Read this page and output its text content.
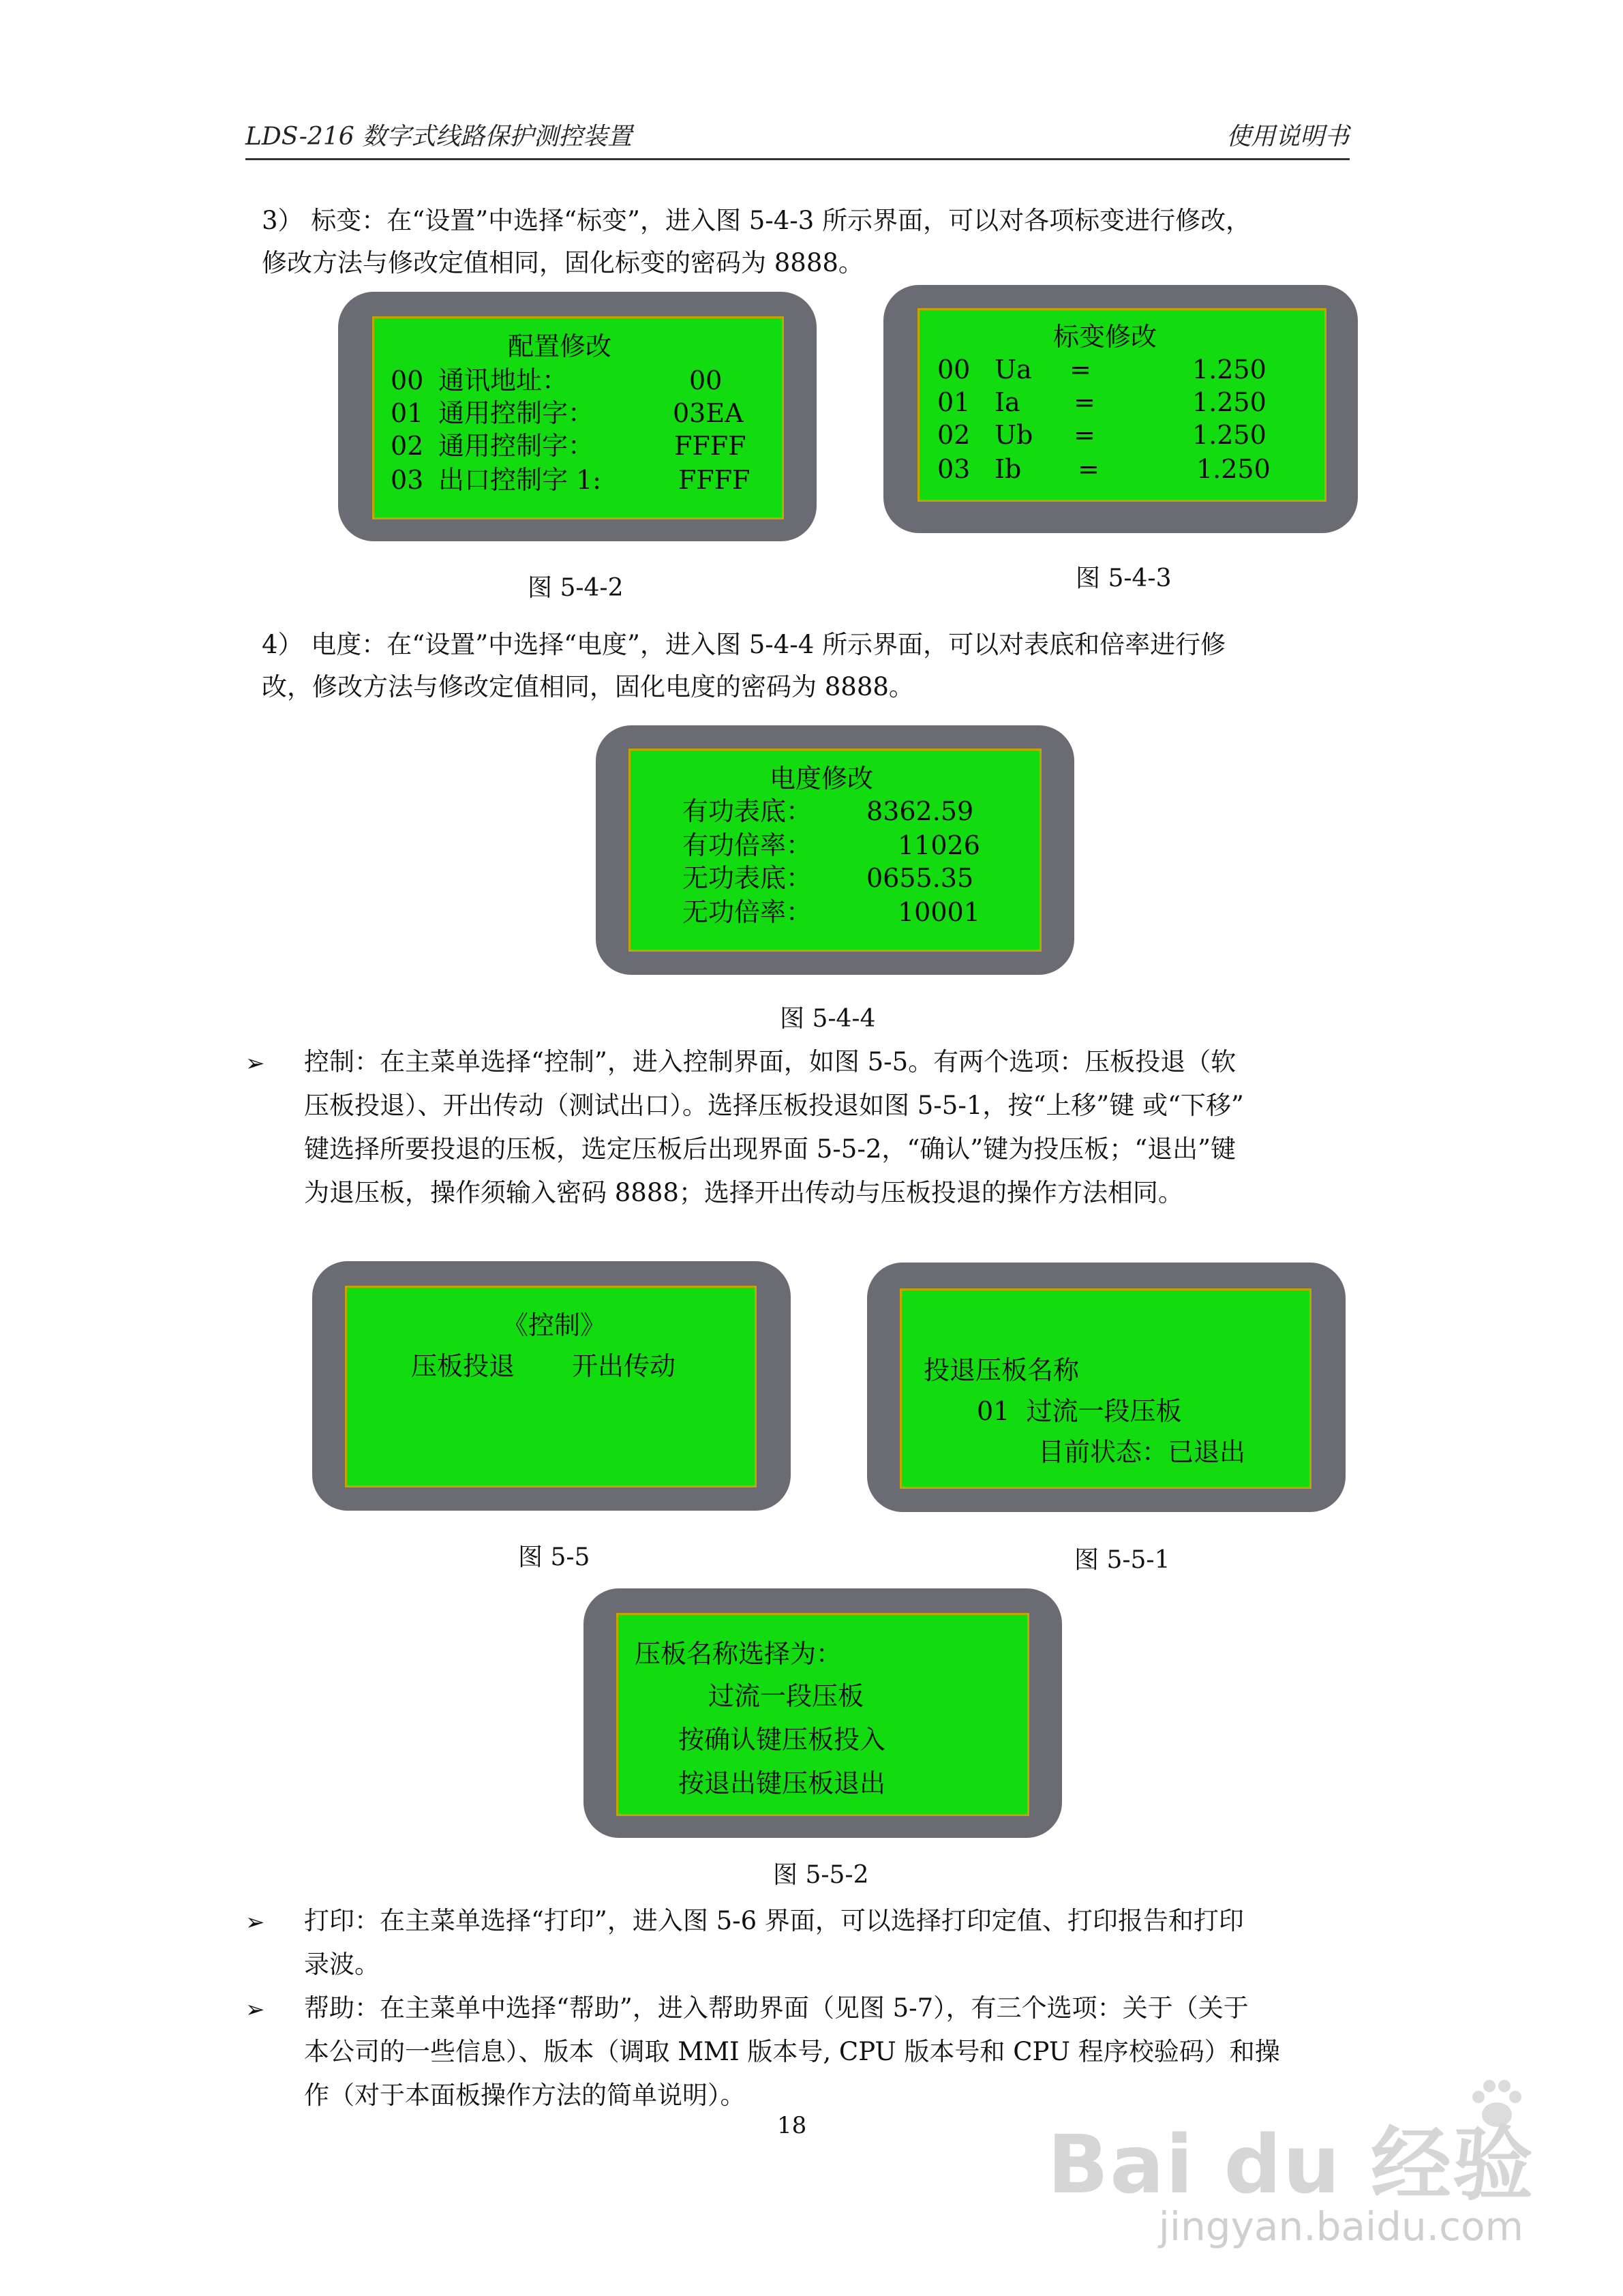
LDS-216 数字式线路保护测控装置	使用说明书
3） 标变：在“设置”中选择“标变”，进入图 5-4-3 所示界面，可以对各项标变进行修改，
修改方法与修改定值相同，固化标变的密码为 8888。
配置修改
00 通讯地址：	00
01 通用控制字：	03EA
02 通用控制字：	FFFF
03 出口控制字 1:	FFFF
图 5-4-2
标变修改
00 Ua =	1.250
01 Ia =	1.250
02 Ub =	1.250
03 Ib =	1.250
图 5-4-3
4） 电度：在“设置”中选择“电度”，进入图 5-4-4 所示界面，可以对表底和倍率进行修
改，修改方法与修改定值相同，固化电度的密码为 8888。
电度修改
有功表底： 8362.59
有功倍率：	11026
无功表底： 0655.35
无功倍率：	10001
图 5-4-4
➢ 控制：在主菜单选择“控制”，进入控制界面，如图 5-5。有两个选项：压板投退（软
压板投退）、开出传动（测试出口）。选择压板投退如图 5-5-1，按“上移”键 或“下移”
键选择所要投退的压板，选定压板后出现界面 5-5-2，“确认”键为投压板；“退出”键
为退压板，操作须输入密码 8888；选择开出传动与压板投退的操作方法相同。
《控制》
压板投退 开出传动
图 5-5
投退压板名称
01  过流一段压板
目前状态：已退出
图 5-5-1
压板名称选择为：
过流一段压板
按确认键压板投入
按退出键压板退出
图 5-5-2
➢ 打印：在主菜单选择“打印”，进入图 5-6 界面，可以选择打印定值、打印报告和打印
录波。
➢ 帮助：在主菜单中选择“帮助”，进入帮助界面（见图 5-7），有三个选项：关于（关于
本公司的一些信息）、版本（调取 MMI 版本号, CPU 版本号和 CPU 程序校验码）和操
作（对于本面板操作方法的简单说明）。
18	Bai du 经验
jingyan.baidu.com
